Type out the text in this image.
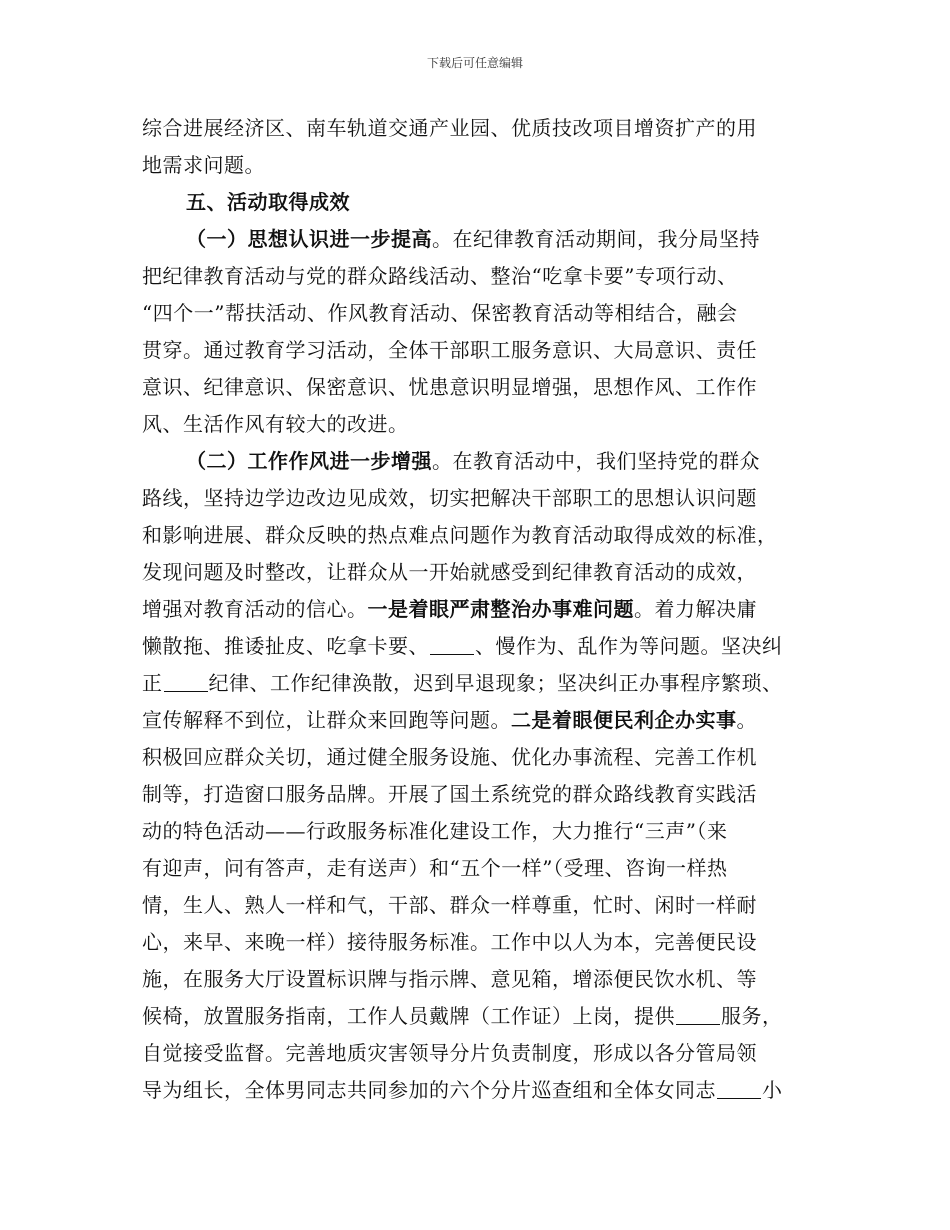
下载后可任意编辑
综合进展经济区、南车轨道交通产业园、优质技改项目增资扩产的用
地需求问题。
五、活动取得成效
（一）思想认识进一步提高。在纪律教育活动期间，我分局坚持
把纪律教育活动与党的群众路线活动、整治“吃拿卡要”专项行动、
“四个一”帮扶活动、作风教育活动、保密教育活动等相结合，融会
贯穿。通过教育学习活动，全体干部职工服务意识、大局意识、责任
意识、纪律意识、保密意识、忧患意识明显增强，思想作风、工作作
风、生活作风有较大的改进。
（二）工作作风进一步增强。在教育活动中，我们坚持党的群众
路线，坚持边学边改边见成效，切实把解决干部职工的思想认识问题
和影响进展、群众反映的热点难点问题作为教育活动取得成效的标准，
发现问题及时整改，让群众从一开始就感受到纪律教育活动的成效，
增强对教育活动的信心。一是着眼严肃整治办事难问题。着力解决庸
懒散拖、推诿扯皮、吃拿卡要、 、慢作为、乱作为等问题。坚决纠
正 纪律、工作纪律涣散，迟到早退现象；坚决纠正办事程序繁琐、
宣传解释不到位，让群众来回跑等问题。二是着眼便民利企办实事。
积极回应群众关切，通过健全服务设施、优化办事流程、完善工作机
制等，打造窗口服务品牌。开展了国土系统党的群众路线教育实践活
动的特色活动——行政服务标准化建设工作，大力推行“三声”（来
有迎声，问有答声，走有送声）和“五个一样”（受理、咨询一样热
情，生人、熟人一样和气，干部、群众一样尊重，忙时、闲时一样耐
心，来早、来晚一样）接待服务标准。工作中以人为本，完善便民设
施，在服务大厅设置标识牌与指示牌、意见箱，增添便民饮水机、等
候椅，放置服务指南，工作人员戴牌（工作证）上岗，提供 服务，
自觉接受监督。完善地质灾害领导分片负责制度，形成以各分管局领
导为组长，全体男同志共同参加的六个分片巡查组和全体女同志 小
